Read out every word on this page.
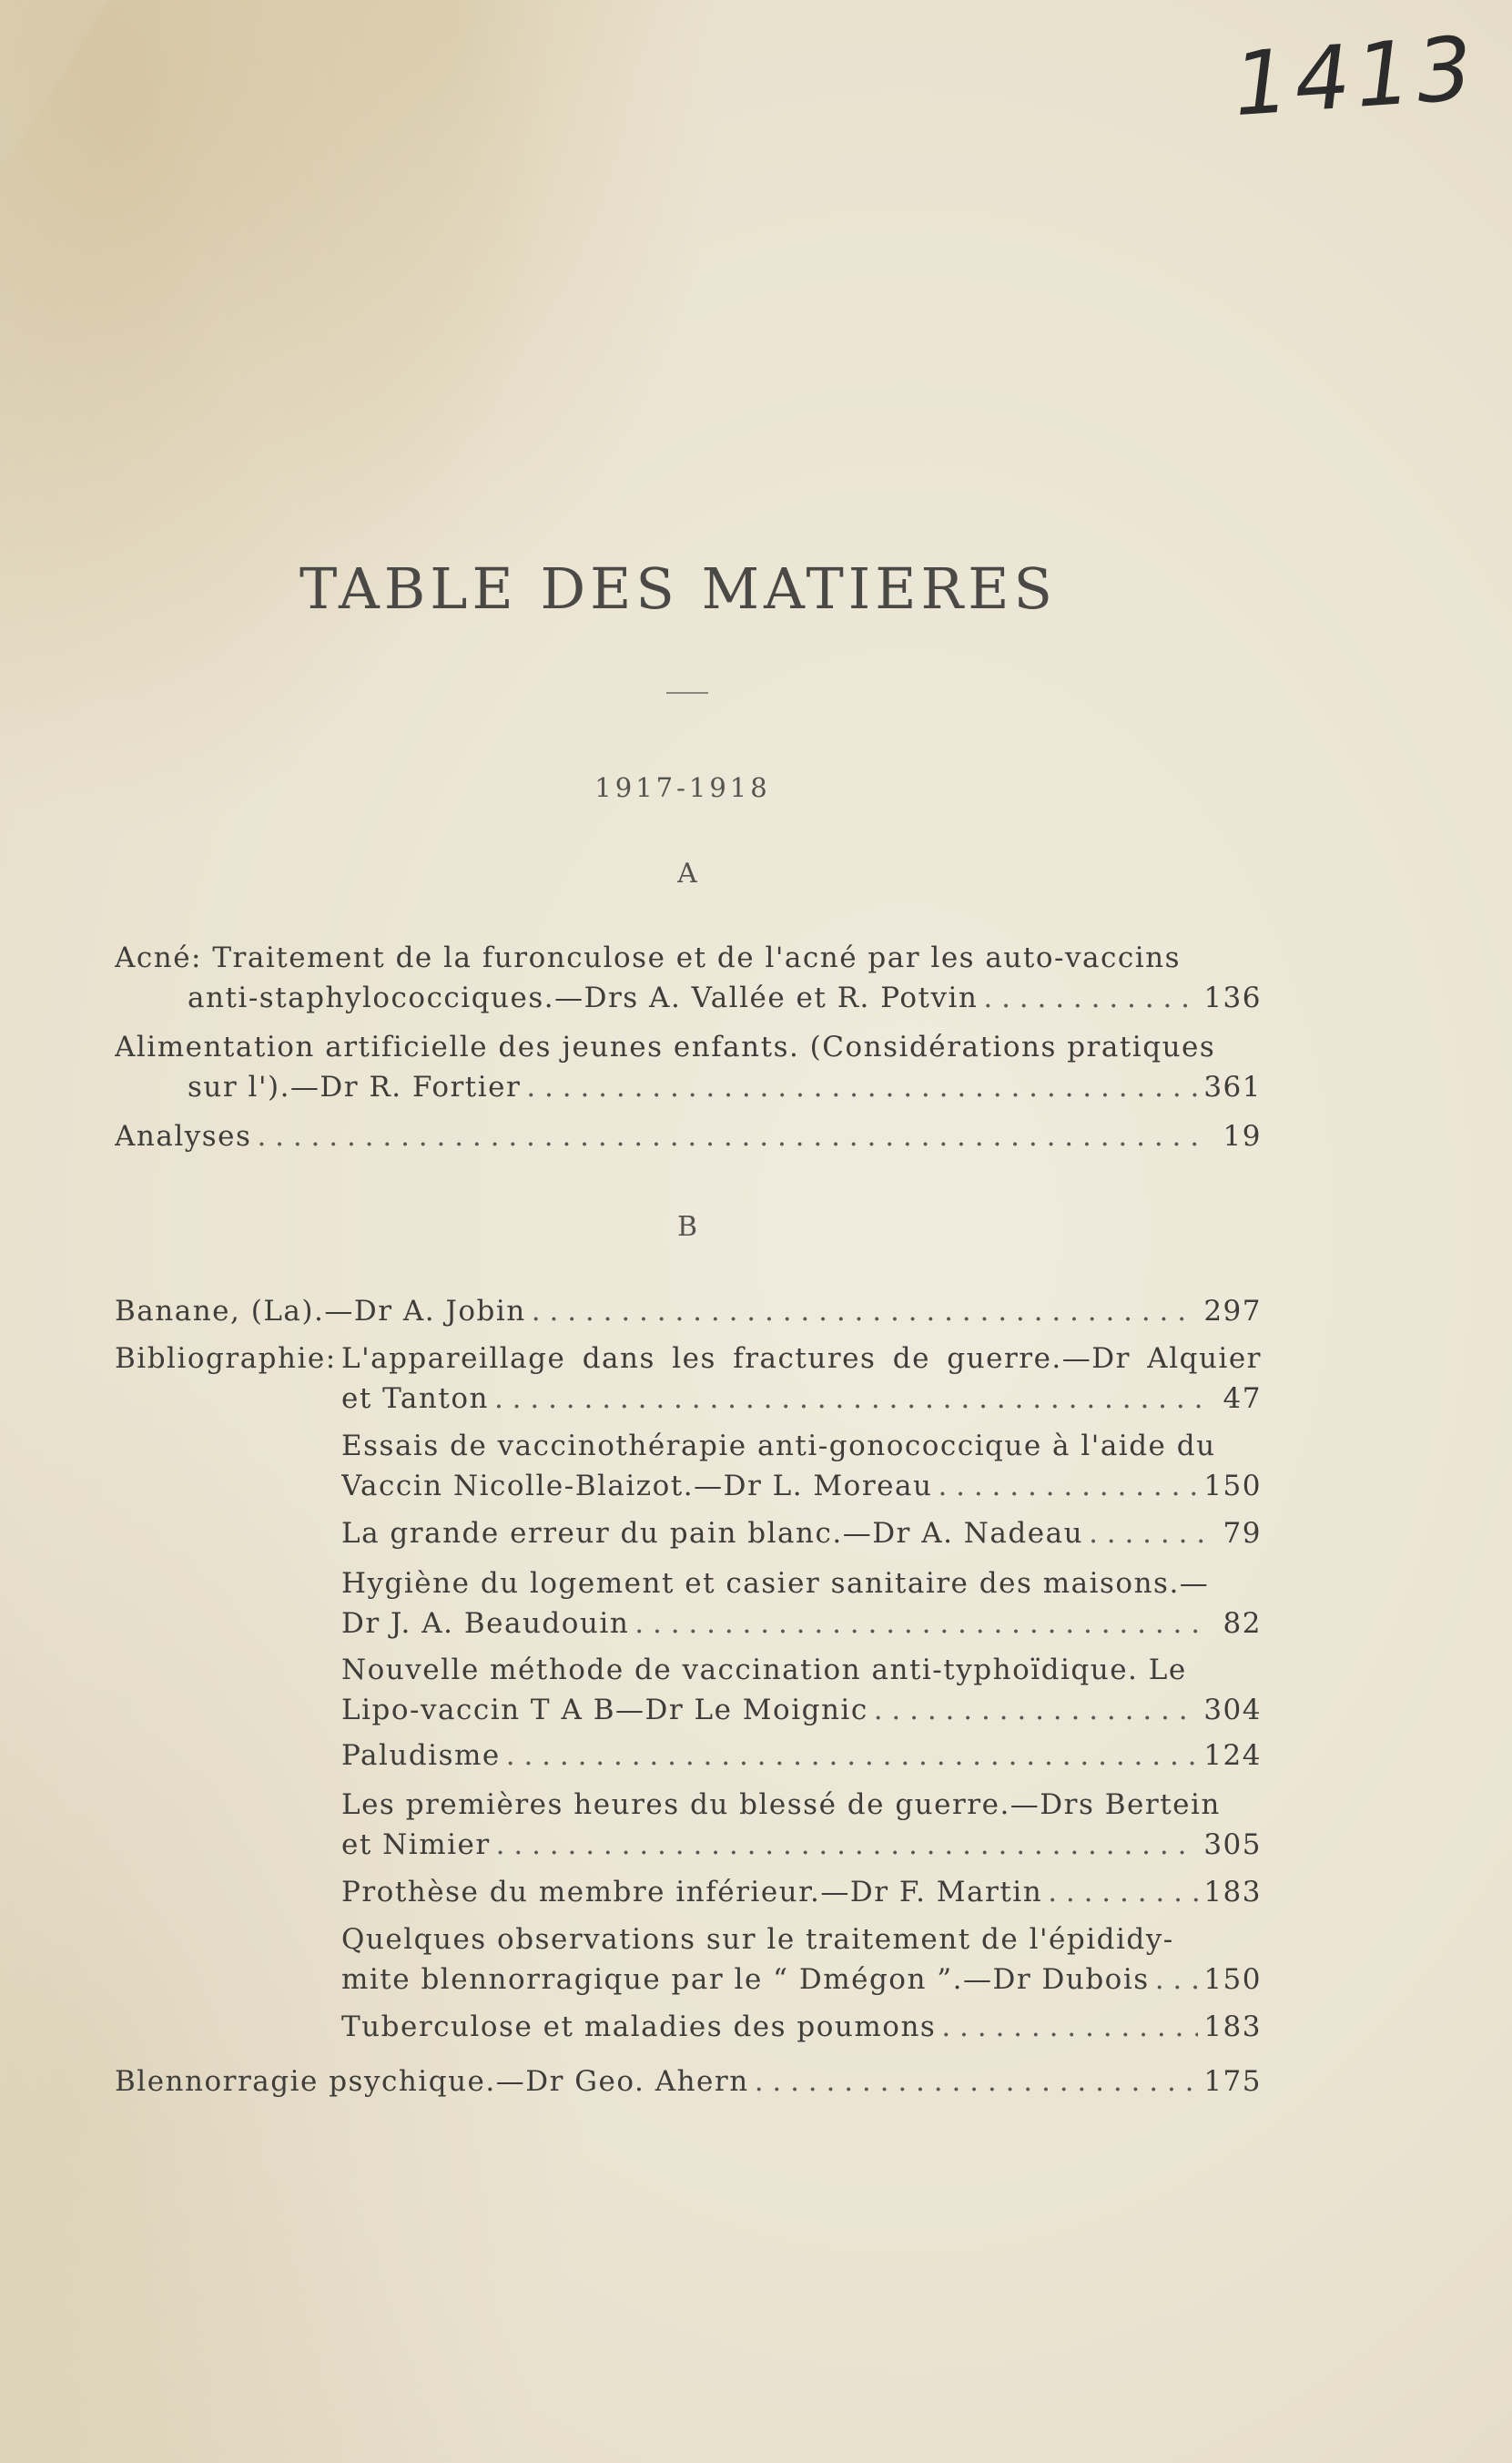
1413
TABLE DES MATIERES
1917-1918
A
Acné: Traitement de la furonculose et de l'acné par les auto-vaccins
anti-staphylococciques.—Drs A. Vallée et R. Potvin . . .	136
Alimentation artificielle des jeunes enfants. (Considérations pratiques
sur l').—Dr R. Fortier . . .	361
Analyses . . .	19
B
Banane, (La).—Dr A. Jobin . . .	297
Bibliographie: L'appareillage dans les fractures de guerre.—Dr Alquier
et Tanton . . .	47
Essais de vaccinothérapie anti-gonococcique à l'aide du
Vaccin Nicolle-Blaizot.—Dr L. Moreau . . .	150
La grande erreur du pain blanc.—Dr A. Nadeau . . .	79
Hygiène du logement et casier sanitaire des maisons.—
Dr J. A. Beaudouin . . .	82
Nouvelle méthode de vaccination anti-typhoïdique. Le
Lipo-vaccin T A B—Dr Le Moignic . . .	304
Paludisme . . .	124
Les premières heures du blessé de guerre.—Drs Bertein
et Nimier . . .	305
Prothèse du membre inférieur.—Dr F. Martin . . .	183
Quelques observations sur le traitement de l'épididy-
mite blennorragique par le “ Dmégon ”.—Dr Dubois . . . 150
Tuberculose et maladies des poumons . . .	183
Blennorragie psychique.—Dr Geo. Ahern . . .	175
